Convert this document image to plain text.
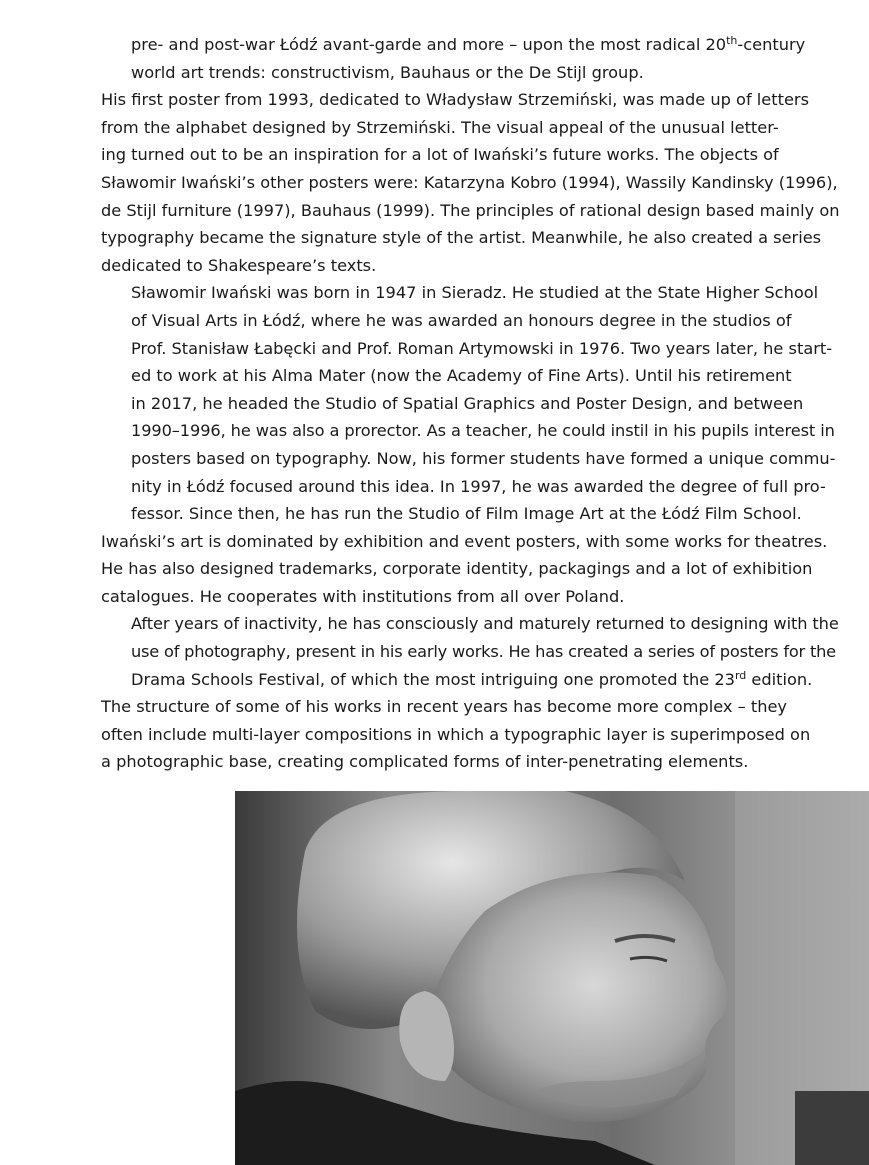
pre- and post-war Łódź avant-garde and more – upon the most radical 20th-century
world art trends: constructivism, Bauhaus or the De Stijl group.
His first poster from 1993, dedicated to Władysław Strzemiński, was made up of letters
from the alphabet designed by Strzemiński. The visual appeal of the unusual letter-
ing turned out to be an inspiration for a lot of Iwański’s future works. The objects of
Sławomir Iwański’s other posters were: Katarzyna Kobro (1994), Wassily Kandinsky (1996),
de Stijl furniture (1997), Bauhaus (1999). The principles of rational design based mainly on
typography became the signature style of the artist. Meanwhile, he also created a series
dedicated to Shakespeare’s texts.
Sławomir Iwański was born in 1947 in Sieradz. He studied at the State Higher School
of Visual Arts in Łódź, where he was awarded an honours degree in the studios of
Prof. Stanisław Łabęcki and Prof. Roman Artymowski in 1976. Two years later, he start-
ed to work at his Alma Mater (now the Academy of Fine Arts). Until his retirement
in 2017, he headed the Studio of Spatial Graphics and Poster Design, and between
1990–1996, he was also a prorector. As a teacher, he could instil in his pupils interest in
posters based on typography. Now, his former students have formed a unique commu-
nity in Łódź focused around this idea. In 1997, he was awarded the degree of full pro-
fessor. Since then, he has run the Studio of Film Image Art at the Łódź Film School.
Iwański’s art is dominated by exhibition and event posters, with some works for theatres.
He has also designed trademarks, corporate identity, packagings and a lot of exhibition
catalogues. He cooperates with institutions from all over Poland.
After years of inactivity, he has consciously and maturely returned to designing with the
use of photography, present in his early works. He has created a series of posters for the
Drama Schools Festival, of which the most intriguing one promoted the 23rd edition.
The structure of some of his works in recent years has become more complex – they
often include multi-layer compositions in which a typographic layer is superimposed on
a photographic base, creating complicated forms of inter-penetrating elements.
